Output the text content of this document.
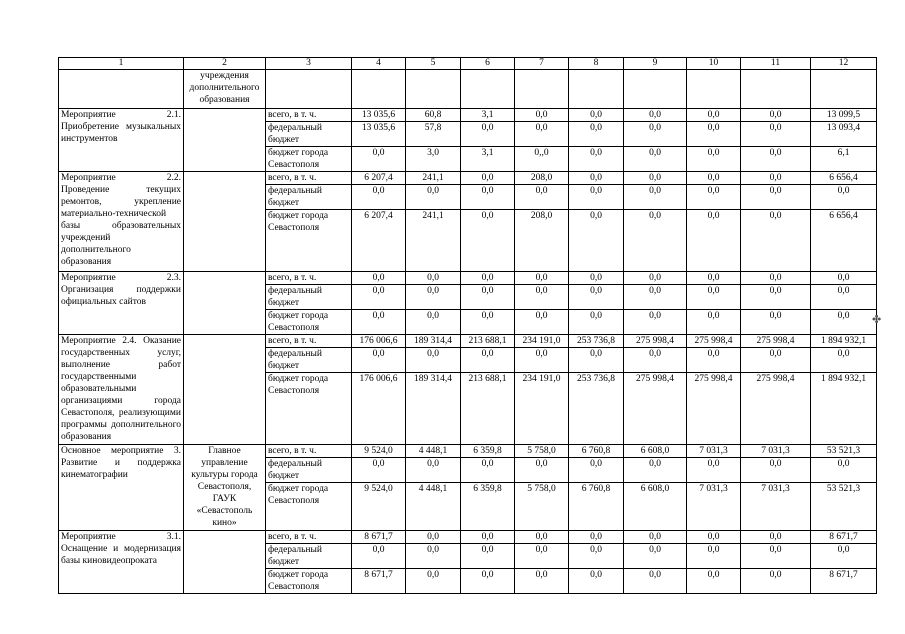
1	2	3	4	5	6	7	8	9	10	11	12
	учреждения дополнительного образования										
Мероприятие 2.1. Приобретение музыкальных инструментов		всего, в т. ч.	13 035,6	60,8	3,1	0,0	0,0	0,0	0,0	0,0	13 099,5
		федеральный бюджет	13 035,6	57,8	0,0	0,0	0,0	0,0	0,0	0,0	13 093,4
		бюджет города Севастополя	0,0	3,0	3,1	0,,0	0,0	0,0	0,0	0,0	6,1
Мероприятие 2.2. Проведение текущих ремонтов, укрепление материально-технической базы образовательных учреждений дополнительного образования		всего, в т. ч.	6 207,4	241,1	0,0	208,0	0,0	0,0	0,0	0,0	6 656,4
		федеральный бюджет	0,0	0,0	0,0	0,0	0,0	0,0	0,0	0,0	0,0
		бюджет города Севастополя	6 207,4	241,1	0,0	208,0	0,0	0,0	0,0	0,0	6 656,4
Мероприятие 2.3. Организация поддержки официальных сайтов		всего, в т. ч.	0,0	0,0	0,0	0,0	0,0	0,0	0,0	0,0	0,0
		федеральный бюджет	0,0	0,0	0,0	0,0	0,0	0,0	0,0	0,0	0,0
		бюджет города Севастополя	0,0	0,0	0,0	0,0	0,0	0,0	0,0	0,0	0,0
Мероприятие 2.4. Оказание государственных услуг, выполнение работ государственными образовательными организациями города Севастополя, реализующими программы дополнительного образования		всего, в т. ч.	176 006,6	189 314,4	213 688,1	234 191,0	253 736,8	275 998,4	275 998,4	275 998,4	1 894 932,1
		федеральный бюджет	0,0	0,0	0,0	0,0	0,0	0,0	0,0	0,0	0,0
		бюджет города Севастополя	176 006,6	189 314,4	213 688,1	234 191,0	253 736,8	275 998,4	275 998,4	275 998,4	1 894 932,1
Основное мероприятие 3. Развитие и поддержка кинематографии	Главное управление культуры города Севастополя, ГАУК «Севастополь кино»	всего, в т. ч.	9 524,0	4 448,1	6 359,8	5 758,0	6 760,8	6 608,0	7 031,3	7 031,3	53 521,3
		федеральный бюджет	0,0	0,0	0,0	0,0	0,0	0,0	0,0	0,0	0,0
		бюджет города Севастополя	9 524,0	4 448,1	6 359,8	5 758,0	6 760,8	6 608,0	7 031,3	7 031,3	53 521,3
Мероприятие 3.1. Оснащение и модернизация базы киновидеопроката		всего, в т. ч.	8 671,7	0,0	0,0	0,0	0,0	0,0	0,0	0,0	8 671,7
		федеральный бюджет	0,0	0,0	0,0	0,0	0,0	0,0	0,0	0,0	0,0
		бюджет города Севастополя	8 671,7	0,0	0,0	0,0	0,0	0,0	0,0	0,0	8 671,7
✤
